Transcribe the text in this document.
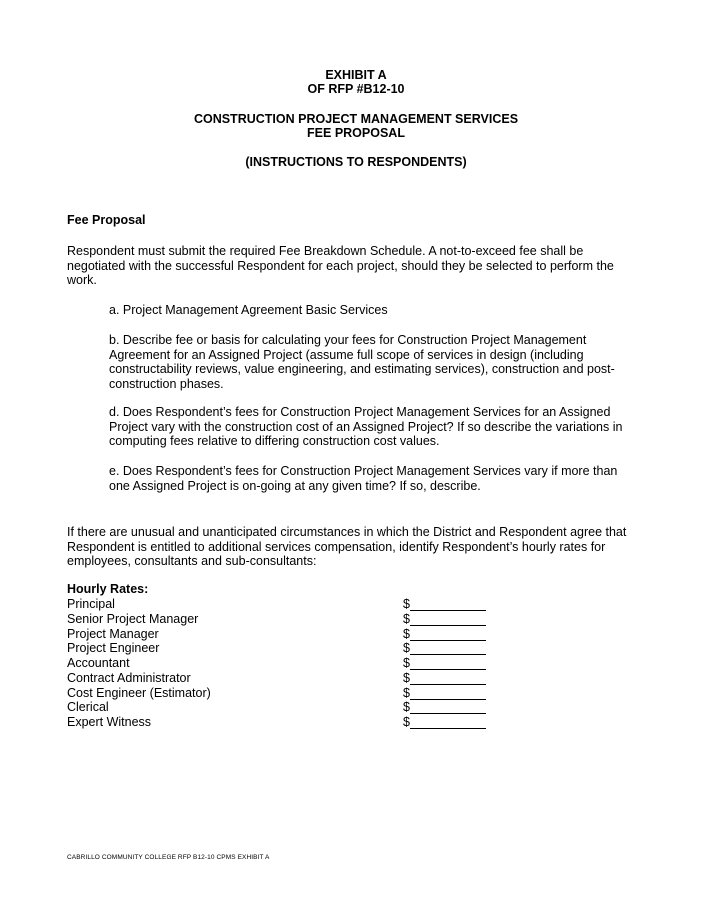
EXHIBIT A
OF RFP #B12-10
CONSTRUCTION PROJECT MANAGEMENT SERVICES
FEE PROPOSAL
(INSTRUCTIONS TO RESPONDENTS)
Fee Proposal
Respondent must submit the required Fee Breakdown Schedule. A not-to-exceed fee shall be negotiated with the successful Respondent for each project, should they be selected to perform the work.
a. Project Management Agreement Basic Services
b. Describe fee or basis for calculating your fees for Construction Project Management Agreement for an Assigned Project (assume full scope of services in design (including constructability reviews, value engineering, and estimating services), construction and post-construction phases.
d. Does Respondent’s fees for Construction Project Management Services for an Assigned Project vary with the construction cost of an Assigned Project? If so describe the variations in computing fees relative to differing construction cost values.
e. Does Respondent’s fees for Construction Project Management Services vary if more than one Assigned Project is on-going at any given time? If so, describe.
If there are unusual and unanticipated circumstances in which the District and Respondent agree that Respondent is entitled to additional services compensation, identify Respondent’s hourly rates for employees, consultants and sub-consultants:
Hourly Rates:
Principal	$
Senior Project Manager	$
Project Manager	$
Project Engineer	$
Accountant	$
Contract Administrator	$
Cost Engineer (Estimator)	$
Clerical	$
Expert Witness	$
CABRILLO COMMUNITY COLLEGE RFP B12-10 CPMS EXHIBIT A
